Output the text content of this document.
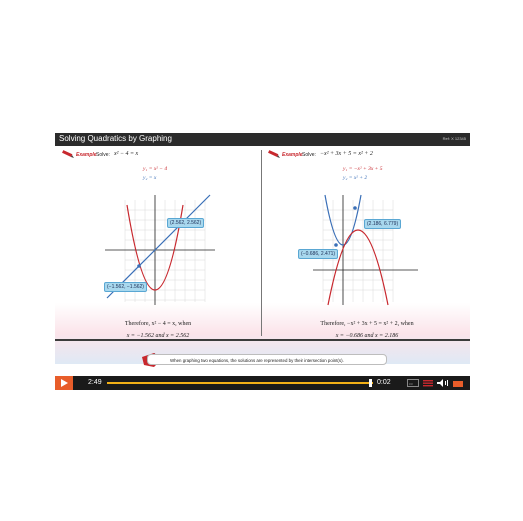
Solving Quadratics by Graphing	Ref: X 12345
Example Solve: x² − 4 = x
y₁ = x² − 4
y₂ = x
(2.562, 2.562)
(−1.562, −1.562)
Therefore, x² − 4 = x, when
x = −1.562 and x = 2.562
Example Solve: −x² + 3x + 5 = x² + 2
y₁ = −x² + 3x + 5
y₂ = x² + 2
(2.186, 6.779)
(−0.686, 2.471)
Therefore, −x² + 3x + 5 = x² + 2, when
x = −0.686 and x = 2.186
When graphing two equations, the solutions are represented by their intersection point(s).
2:49	0:02	cc
